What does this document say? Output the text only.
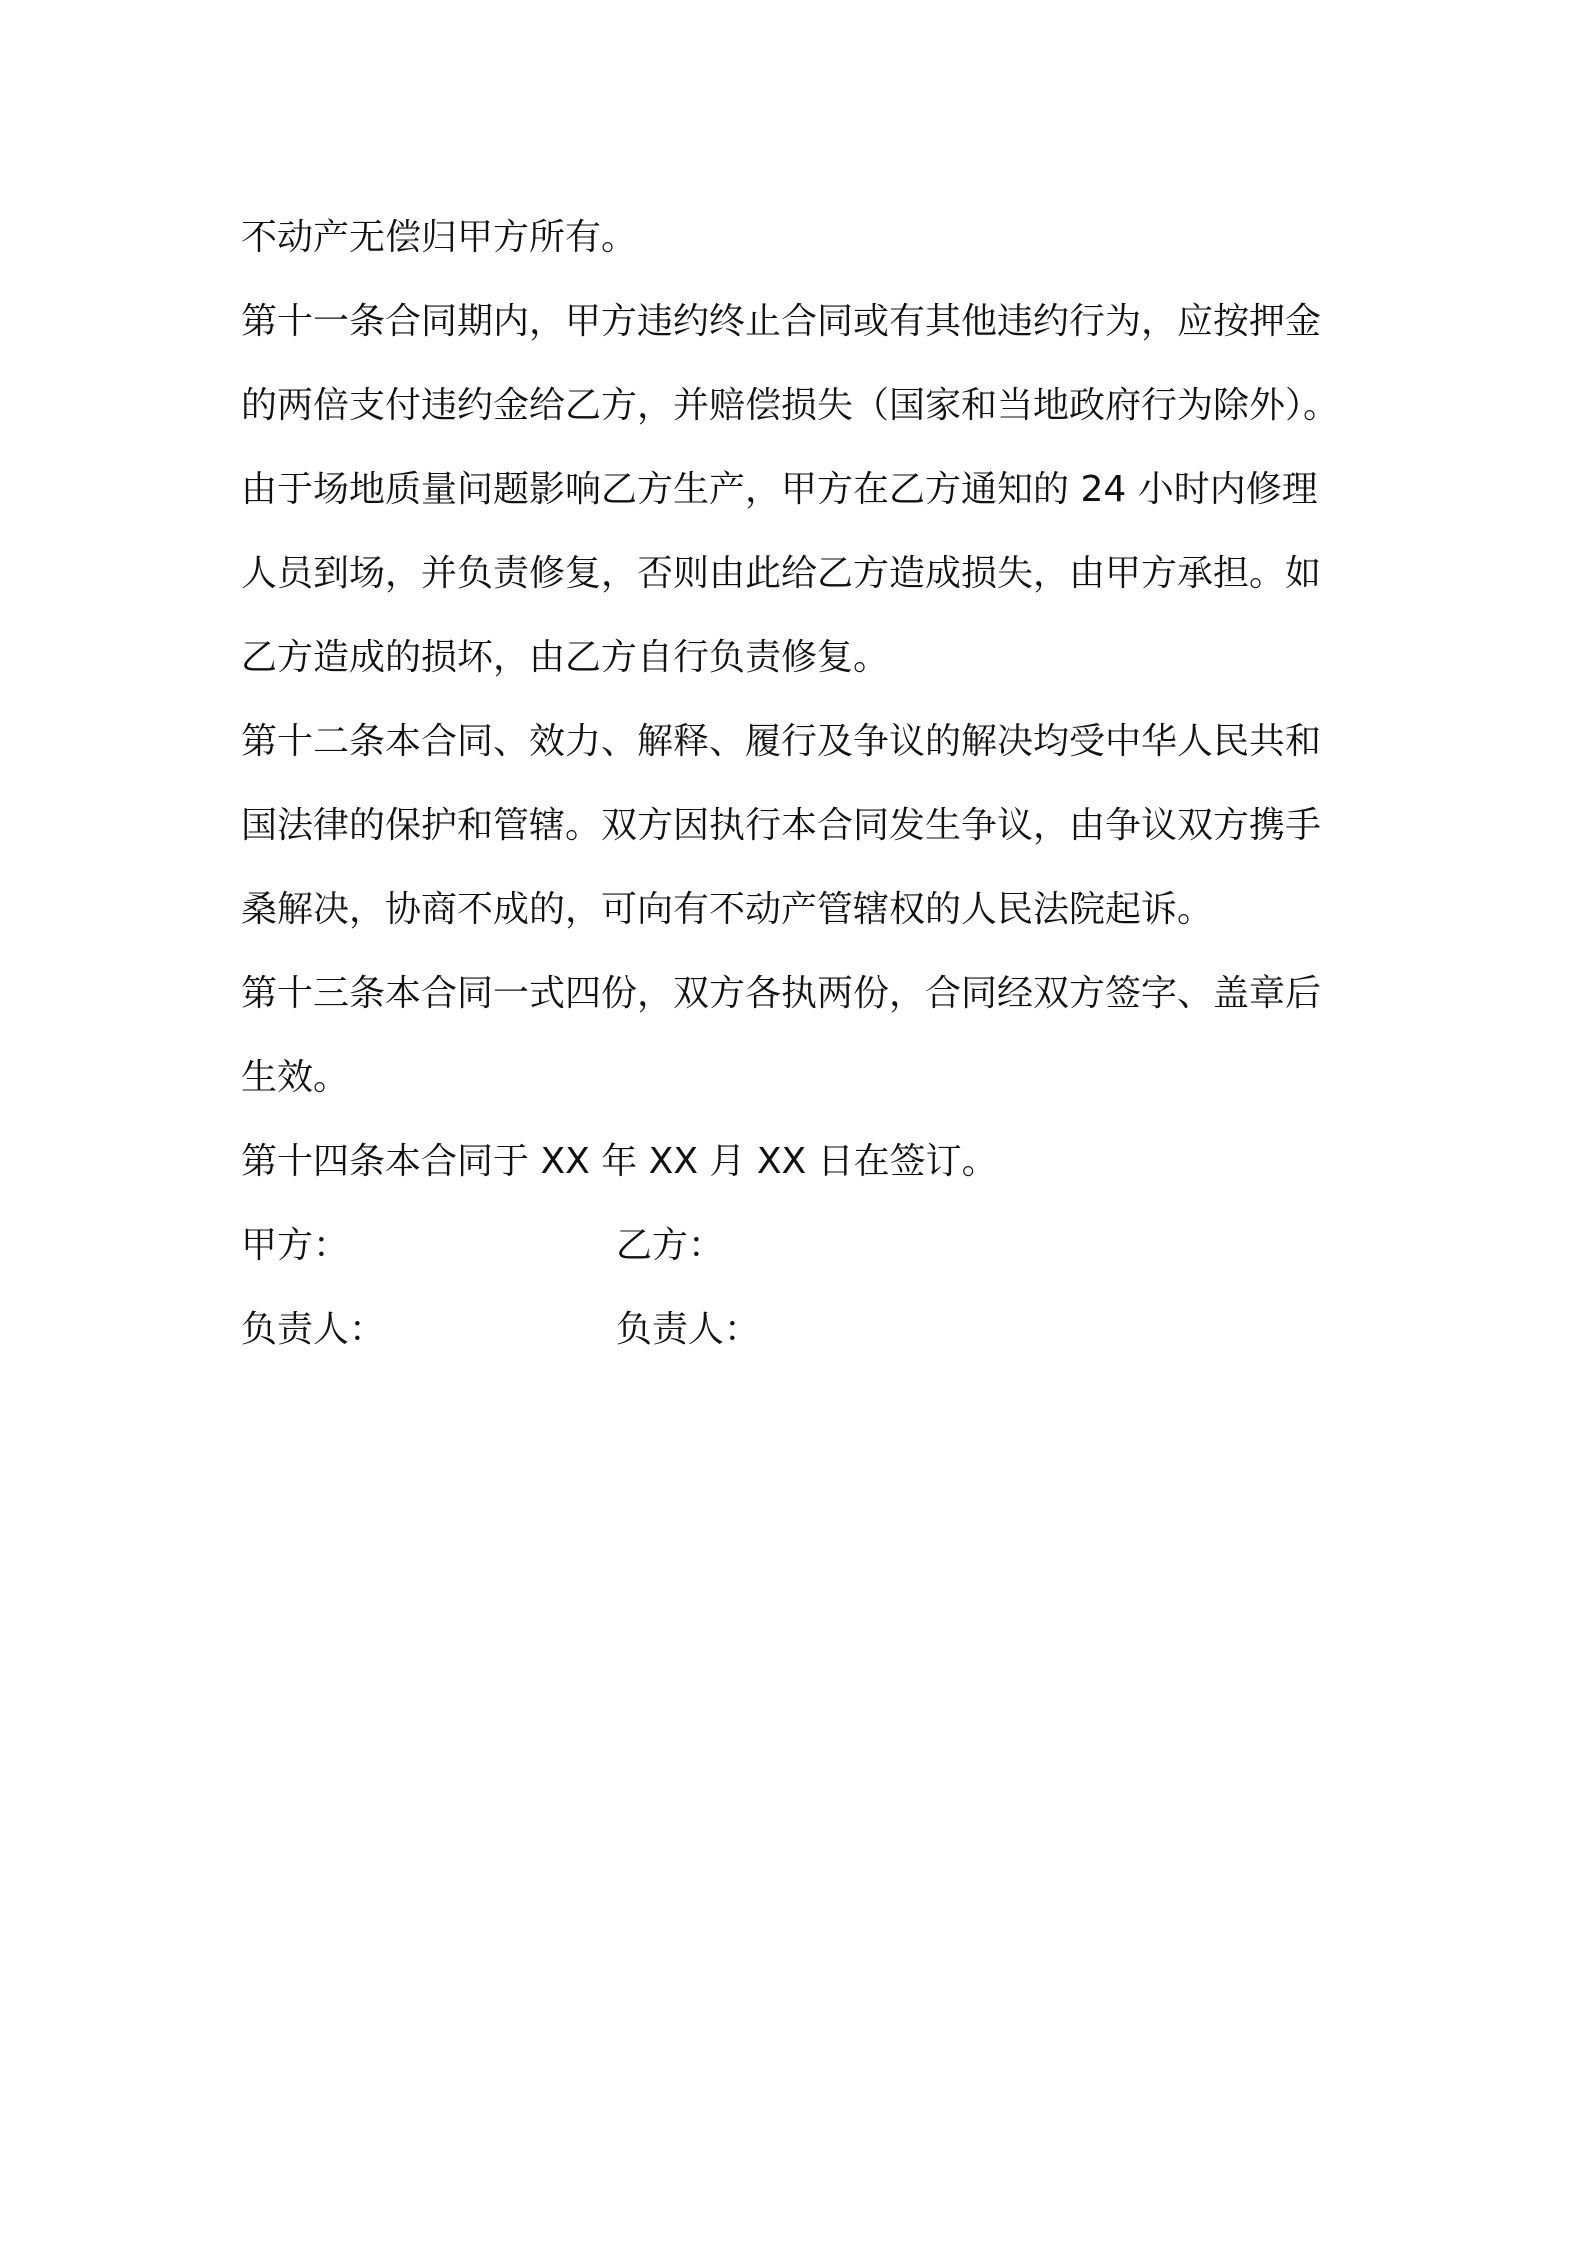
不动产无偿归甲方所有。
第十一条合同期内，甲方违约终止合同或有其他违约行为，应按押金
的两倍支付违约金给乙方，并赔偿损失（国家和当地政府行为除外）。
由于场地质量问题影响乙方生产，甲方在乙方通知的 24 小时内修理
人员到场，并负责修复，否则由此给乙方造成损失，由甲方承担。如
乙方造成的损坏，由乙方自行负责修复。
第十二条本合同、效力、解释、履行及争议的解决均受中华人民共和
国法律的保护和管辖。双方因执行本合同发生争议，由争议双方携手
桑解决，协商不成的，可向有不动产管辖权的人民法院起诉。
第十三条本合同一式四份，双方各执两份，合同经双方签字、盖章后
生效。
第十四条本合同于 XX 年 XX 月 XX 日在签订。
甲方：	乙方：
负责人：	负责人：
